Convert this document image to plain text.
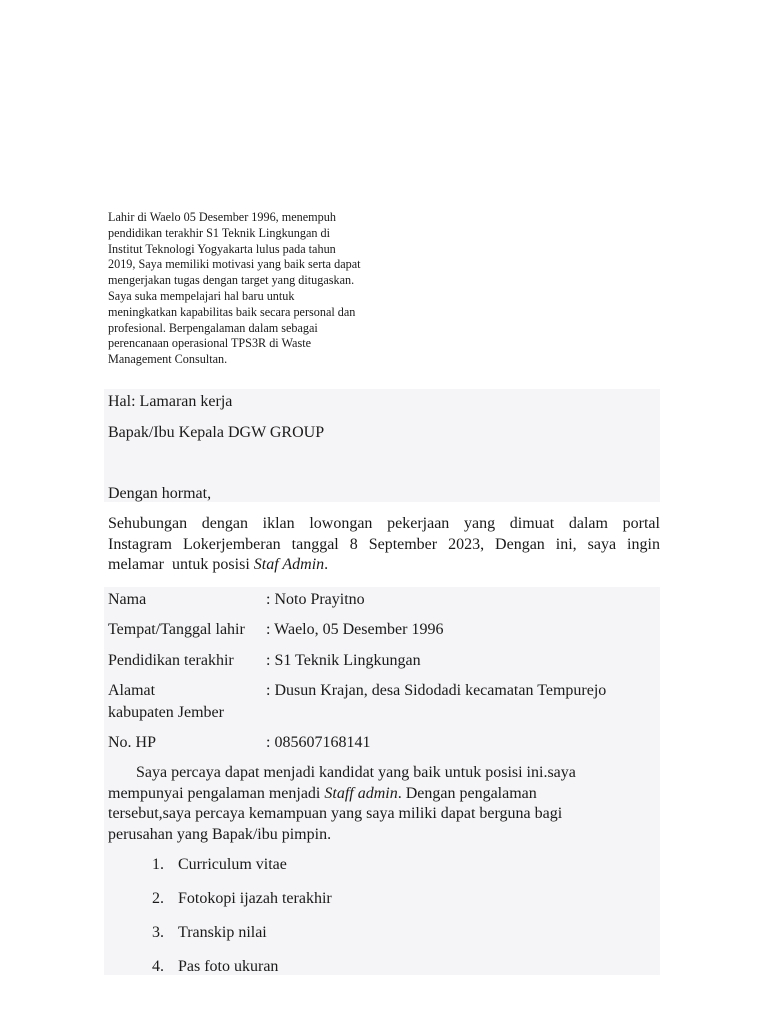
Lahir di Waelo 05 Desember 1996, menempuh
pendidikan terakhir S1 Teknik Lingkungan di
Institut Teknologi Yogyakarta lulus pada tahun
2019, Saya memiliki motivasi yang baik serta dapat
mengerjakan tugas dengan target yang ditugaskan.
Saya suka mempelajari hal baru untuk
meningkatkan kapabilitas baik secara personal dan
profesional. Berpengalaman dalam sebagai
perencanaan operasional TPS3R di Waste
Management Consultan.
Hal: Lamaran kerja
Bapak/Ibu Kepala DGW GROUP
Dengan hormat,
Sehubungan dengan iklan lowongan pekerjaan yang dimuat dalam portal
Instagram Lokerjemberan tanggal 8 September 2023, Dengan ini, saya ingin
melamar  untuk posisi Staf Admin.
Nama	: Noto Prayitno
Tempat/Tanggal lahir : Waelo, 05 Desember 1996
Pendidikan terakhir : S1 Teknik Lingkungan
Alamat	: Dusun Krajan, desa Sidodadi kecamatan Tempurejo
kabupaten Jember
No. HP	: 085607168141
Saya percaya dapat menjadi kandidat yang baik untuk posisi ini.saya
mempunyai pengalaman menjadi Staff admin. Dengan pengalaman
tersebut,saya percaya kemampuan yang saya miliki dapat berguna bagi
perusahan yang Bapak/ibu pimpin.
1. Curriculum vitae
2. Fotokopi ijazah terakhir
3. Transkip nilai
4. Pas foto ukuran
